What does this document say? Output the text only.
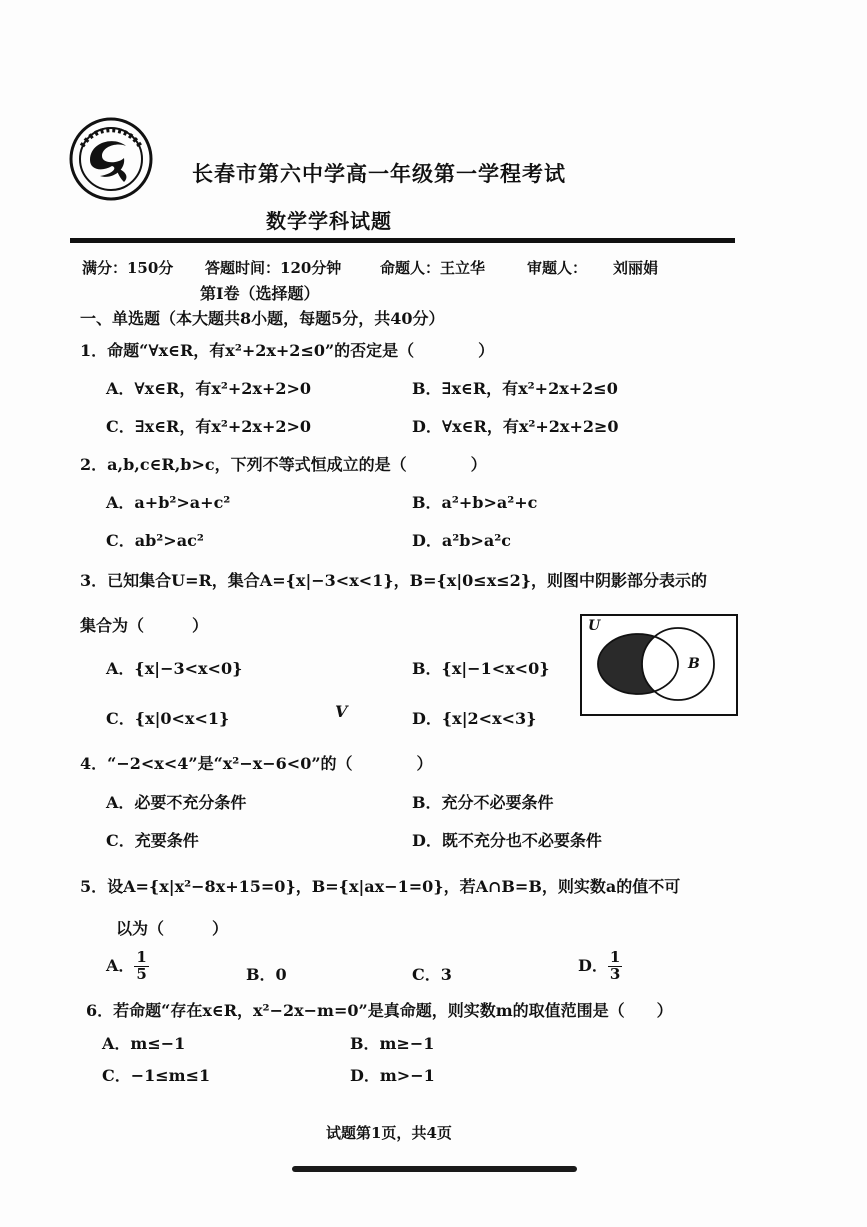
长春市第六中学高一年级第一学程考试
数学学科试题
满分：150分 答题时间：120分钟	命题人：王立华	审题人： 刘丽娟
第Ⅰ卷（选择题）
一、单选题（本大题共8小题，每题5分，共40分）
1．命题“∀x∈R，有x²+2x+2≤0”的否定是（　　　　）
A．∀x∈R，有x²+2x+2>0	B．∃x∈R，有x²+2x+2≤0
C．∃x∈R，有x²+2x+2>0	D．∀x∈R，有x²+2x+2≥0
2．a,b,c∈R,b>c，下列不等式恒成立的是（　　　　）
A．a+b²>a+c²	B．a²+b>a²+c
C．ab²>ac²	D．a²b>a²c
3．已知集合U=R，集合A={x|−3<x<1}，B={x|0≤x≤2}，则图中阴影部分表示的
集合为（　　　）
A．{x|−3<x<0}	B．{x|−1<x<0}
C．{x|0<x<1}	V	D．{x|2<x<3}
U
B
4．“−2<x<4”是“x²−x−6<0”的（　　　　）
A．必要不充分条件	B．充分不必要条件
C．充要条件	D．既不充分也不必要条件
5．设A={x|x²−8x+15=0}，B={x|ax−1=0}，若A∩B=B，则实数a的值不可
以为（　　　）
A． $\frac{1}{5}$	B．0	C．3	D． $\frac{1}{3}$
6．若命题“存在x∈R，x²−2x−m=0”是真命题，则实数m的取值范围是（　　）
A．m≤−1	B．m≥−1
C．−1≤m≤1	D．m>−1
试题第1页，共4页
